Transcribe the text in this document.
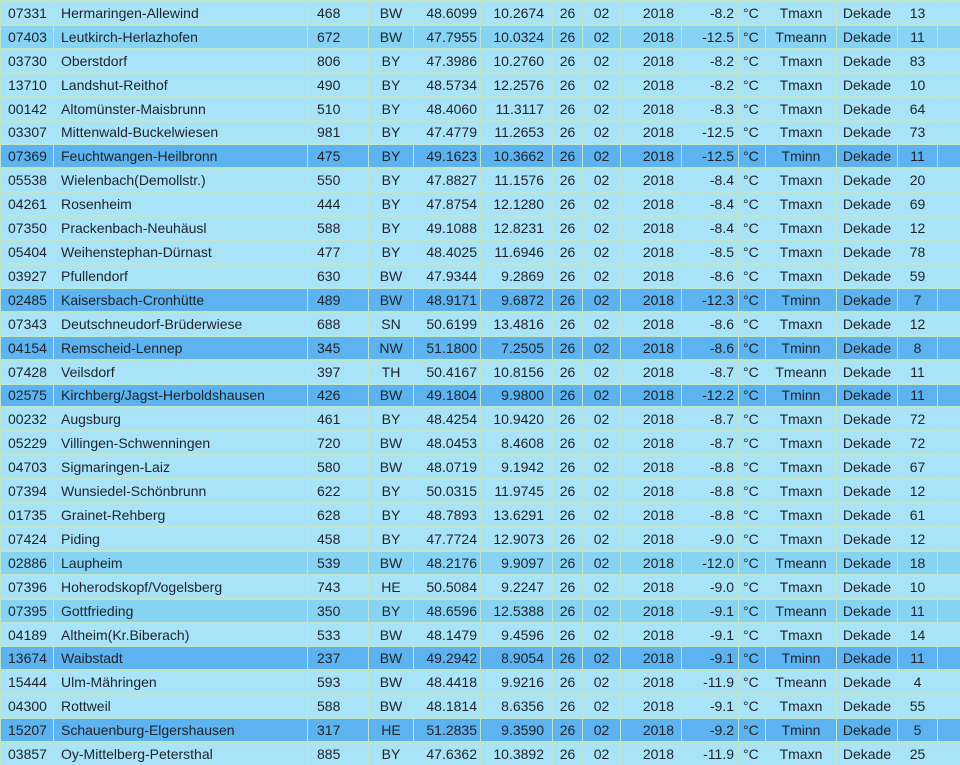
07331	Hermaringen-Allewind	468	BW	48.6099	10.2674	26	02	2018	-8.2	°C	Tmaxn	Dekade	13	
07403	Leutkirch-Herlazhofen	672	BW	47.7955	10.0324	26	02	2018	-12.5	°C	Tmeann	Dekade	11	
03730	Oberstdorf	806	BY	47.3986	10.2760	26	02	2018	-8.2	°C	Tmaxn	Dekade	83	
13710	Landshut-Reithof	490	BY	48.5734	12.2576	26	02	2018	-8.2	°C	Tmaxn	Dekade	10	
00142	Altomünster-Maisbrunn	510	BY	48.4060	11.3117	26	02	2018	-8.3	°C	Tmaxn	Dekade	64	
03307	Mittenwald-Buckelwiesen	981	BY	47.4779	11.2653	26	02	2018	-12.5	°C	Tmaxn	Dekade	73	
07369	Feuchtwangen-Heilbronn	475	BY	49.1623	10.3662	26	02	2018	-12.5	°C	Tminn	Dekade	11	
05538	Wielenbach(Demollstr.)	550	BY	47.8827	11.1576	26	02	2018	-8.4	°C	Tmaxn	Dekade	20	
04261	Rosenheim	444	BY	47.8754	12.1280	26	02	2018	-8.4	°C	Tmaxn	Dekade	69	
07350	Prackenbach-Neuhäusl	588	BY	49.1088	12.8231	26	02	2018	-8.4	°C	Tmaxn	Dekade	12	
05404	Weihenstephan-Dürnast	477	BY	48.4025	11.6946	26	02	2018	-8.5	°C	Tmaxn	Dekade	78	
03927	Pfullendorf	630	BW	47.9344	9.2869	26	02	2018	-8.6	°C	Tmaxn	Dekade	59	
02485	Kaisersbach-Cronhütte	489	BW	48.9171	9.6872	26	02	2018	-12.3	°C	Tminn	Dekade	7	
07343	Deutschneudorf-Brüderwiese	688	SN	50.6199	13.4816	26	02	2018	-8.6	°C	Tmaxn	Dekade	12	
04154	Remscheid-Lennep	345	NW	51.1800	7.2505	26	02	2018	-8.6	°C	Tminn	Dekade	8	
07428	Veilsdorf	397	TH	50.4167	10.8156	26	02	2018	-8.7	°C	Tmeann	Dekade	11	
02575	Kirchberg/Jagst-Herboldshausen	426	BW	49.1804	9.9800	26	02	2018	-12.2	°C	Tminn	Dekade	11	
00232	Augsburg	461	BY	48.4254	10.9420	26	02	2018	-8.7	°C	Tmaxn	Dekade	72	
05229	Villingen-Schwenningen	720	BW	48.0453	8.4608	26	02	2018	-8.7	°C	Tmaxn	Dekade	72	
04703	Sigmaringen-Laiz	580	BW	48.0719	9.1942	26	02	2018	-8.8	°C	Tmaxn	Dekade	67	
07394	Wunsiedel-Schönbrunn	622	BY	50.0315	11.9745	26	02	2018	-8.8	°C	Tmaxn	Dekade	12	
01735	Grainet-Rehberg	628	BY	48.7893	13.6291	26	02	2018	-8.8	°C	Tmaxn	Dekade	61	
07424	Piding	458	BY	47.7724	12.9073	26	02	2018	-9.0	°C	Tmaxn	Dekade	12	
02886	Laupheim	539	BW	48.2176	9.9097	26	02	2018	-12.0	°C	Tmeann	Dekade	18	
07396	Hoherodskopf/Vogelsberg	743	HE	50.5084	9.2247	26	02	2018	-9.0	°C	Tmaxn	Dekade	10	
07395	Gottfrieding	350	BY	48.6596	12.5388	26	02	2018	-9.1	°C	Tmeann	Dekade	11	
04189	Altheim(Kr.Biberach)	533	BW	48.1479	9.4596	26	02	2018	-9.1	°C	Tmaxn	Dekade	14	
13674	Waibstadt	237	BW	49.2942	8.9054	26	02	2018	-9.1	°C	Tminn	Dekade	11	
15444	Ulm-Mähringen	593	BW	48.4418	9.9216	26	02	2018	-11.9	°C	Tmeann	Dekade	4	
04300	Rottweil	588	BW	48.1814	8.6356	26	02	2018	-9.1	°C	Tmaxn	Dekade	55	
15207	Schauenburg-Elgershausen	317	HE	51.2835	9.3590	26	02	2018	-9.2	°C	Tminn	Dekade	5	
03857	Oy-Mittelberg-Petersthal	885	BY	47.6362	10.3892	26	02	2018	-11.9	°C	Tmaxn	Dekade	25	
